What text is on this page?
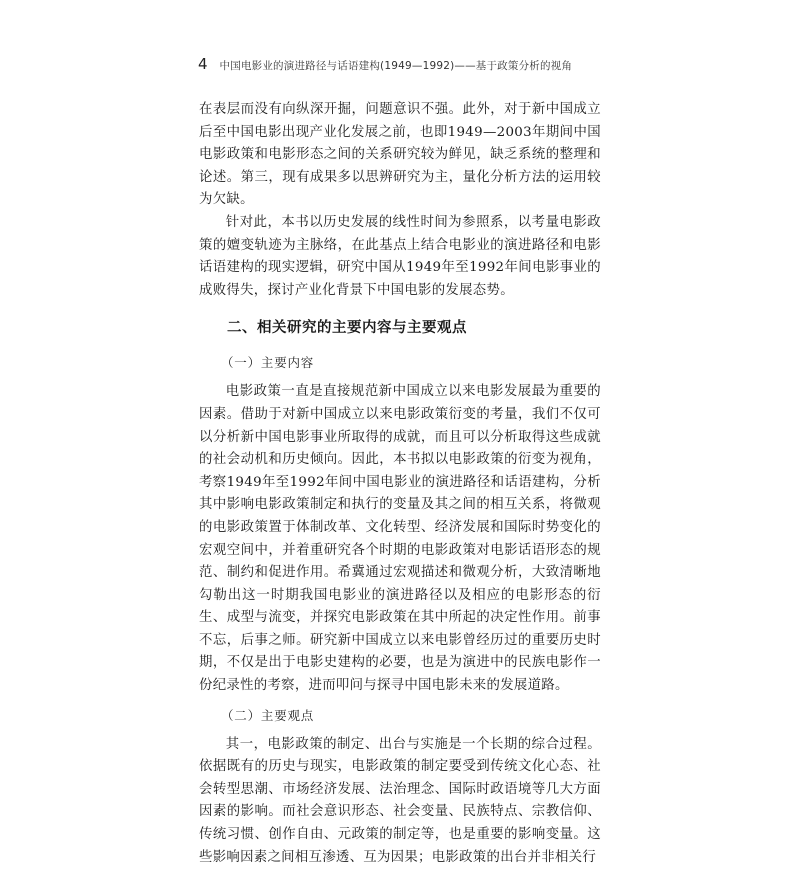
4 中国电影业的演进路径与话语建构(1949—1992)——基于政策分析的视角

在表层而没有向纵深开掘，问题意识不强。此外，对于新中国成立后至中国电影出现产业化发展之前，也即1949—2003年期间中国电影政策和电影形态之间的关系研究较为鲜见，缺乏系统的整理和论述。第三，现有成果多以思辨研究为主，量化分析方法的运用较为欠缺。

针对此，本书以历史发展的线性时间为参照系，以考量电影政策的嬗变轨迹为主脉络，在此基点上结合电影业的演进路径和电影话语建构的现实逻辑，研究中国从1949年至1992年间电影事业的成败得失，探讨产业化背景下中国电影的发展态势。

二、相关研究的主要内容与主要观点
（一）主要内容

电影政策一直是直接规范新中国成立以来电影发展最为重要的因素。借助于对新中国成立以来电影政策衍变的考量，我们不仅可以分析新中国电影事业所取得的成就，而且可以分析取得这些成就的社会动机和历史倾向。因此，本书拟以电影政策的衍变为视角，考察1949年至1992年间中国电影业的演进路径和话语建构，分析其中影响电影政策制定和执行的变量及其之间的相互关系，将微观的电影政策置于体制改革、文化转型、经济发展和国际时势变化的宏观空间中，并着重研究各个时期的电影政策对电影话语形态的规范、制约和促进作用。希冀通过宏观描述和微观分析，大致清晰地勾勒出这一时期我国电影业的演进路径以及相应的电影形态的衍生、成型与流变，并探究电影政策在其中所起的决定性作用。前事不忘，后事之师。研究新中国成立以来电影曾经历过的重要历史时期，不仅是出于电影史建构的必要，也是为演进中的民族电影作一份纪录性的考察，进而叩问与探寻中国电影未来的发展道路。

（二）主要观点

其一，电影政策的制定、出台与实施是一个长期的综合过程。依据既有的历史与现实，电影政策的制定要受到传统文化心态、社会转型思潮、市场经济发展、法治理念、国际时政语境等几大方面因素的影响。而社会意识形态、社会变量、民族特点、宗教信仰、传统习惯、创作自由、元政策的制定等，也是重要的影响变量。这些影响因素之间相互渗透、互为因果；电影政策的出台并非相关行
